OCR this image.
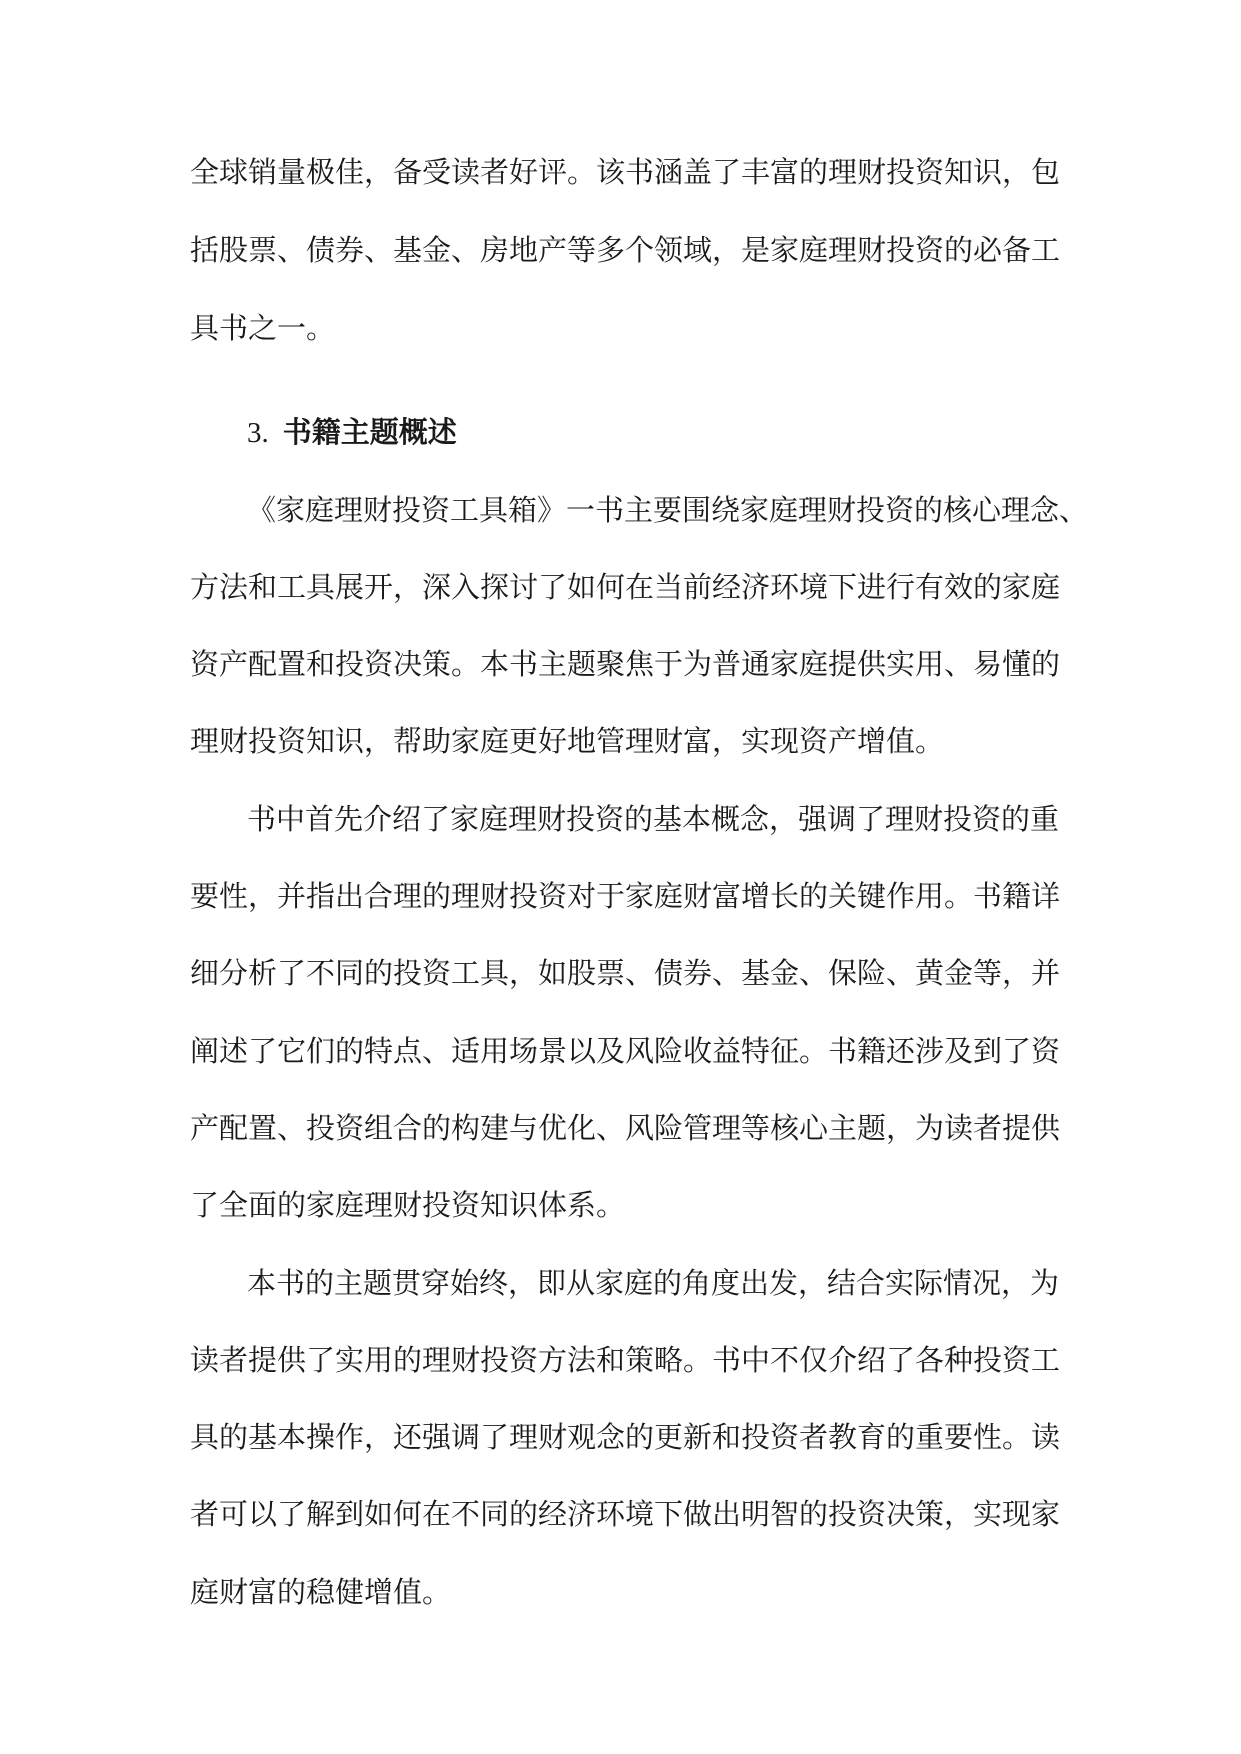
全球销量极佳，备受读者好评。该书涵盖了丰富的理财投资知识，包

括股票、债券、基金、房地产等多个领域，是家庭理财投资的必备工

具书之一。

3. 书籍主题概述

《家庭理财投资工具箱》一书主要围绕家庭理财投资的核心理念、

方法和工具展开，深入探讨了如何在当前经济环境下进行有效的家庭

资产配置和投资决策。本书主题聚焦于为普通家庭提供实用、易懂的

理财投资知识，帮助家庭更好地管理财富，实现资产增值。

书中首先介绍了家庭理财投资的基本概念，强调了理财投资的重

要性，并指出合理的理财投资对于家庭财富增长的关键作用。书籍详

细分析了不同的投资工具，如股票、债券、基金、保险、黄金等，并

阐述了它们的特点、适用场景以及风险收益特征。书籍还涉及到了资

产配置、投资组合的构建与优化、风险管理等核心主题，为读者提供

了全面的家庭理财投资知识体系。

本书的主题贯穿始终，即从家庭的角度出发，结合实际情况，为

读者提供了实用的理财投资方法和策略。书中不仅介绍了各种投资工

具的基本操作，还强调了理财观念的更新和投资者教育的重要性。读

者可以了解到如何在不同的经济环境下做出明智的投资决策，实现家

庭财富的稳健增值。
